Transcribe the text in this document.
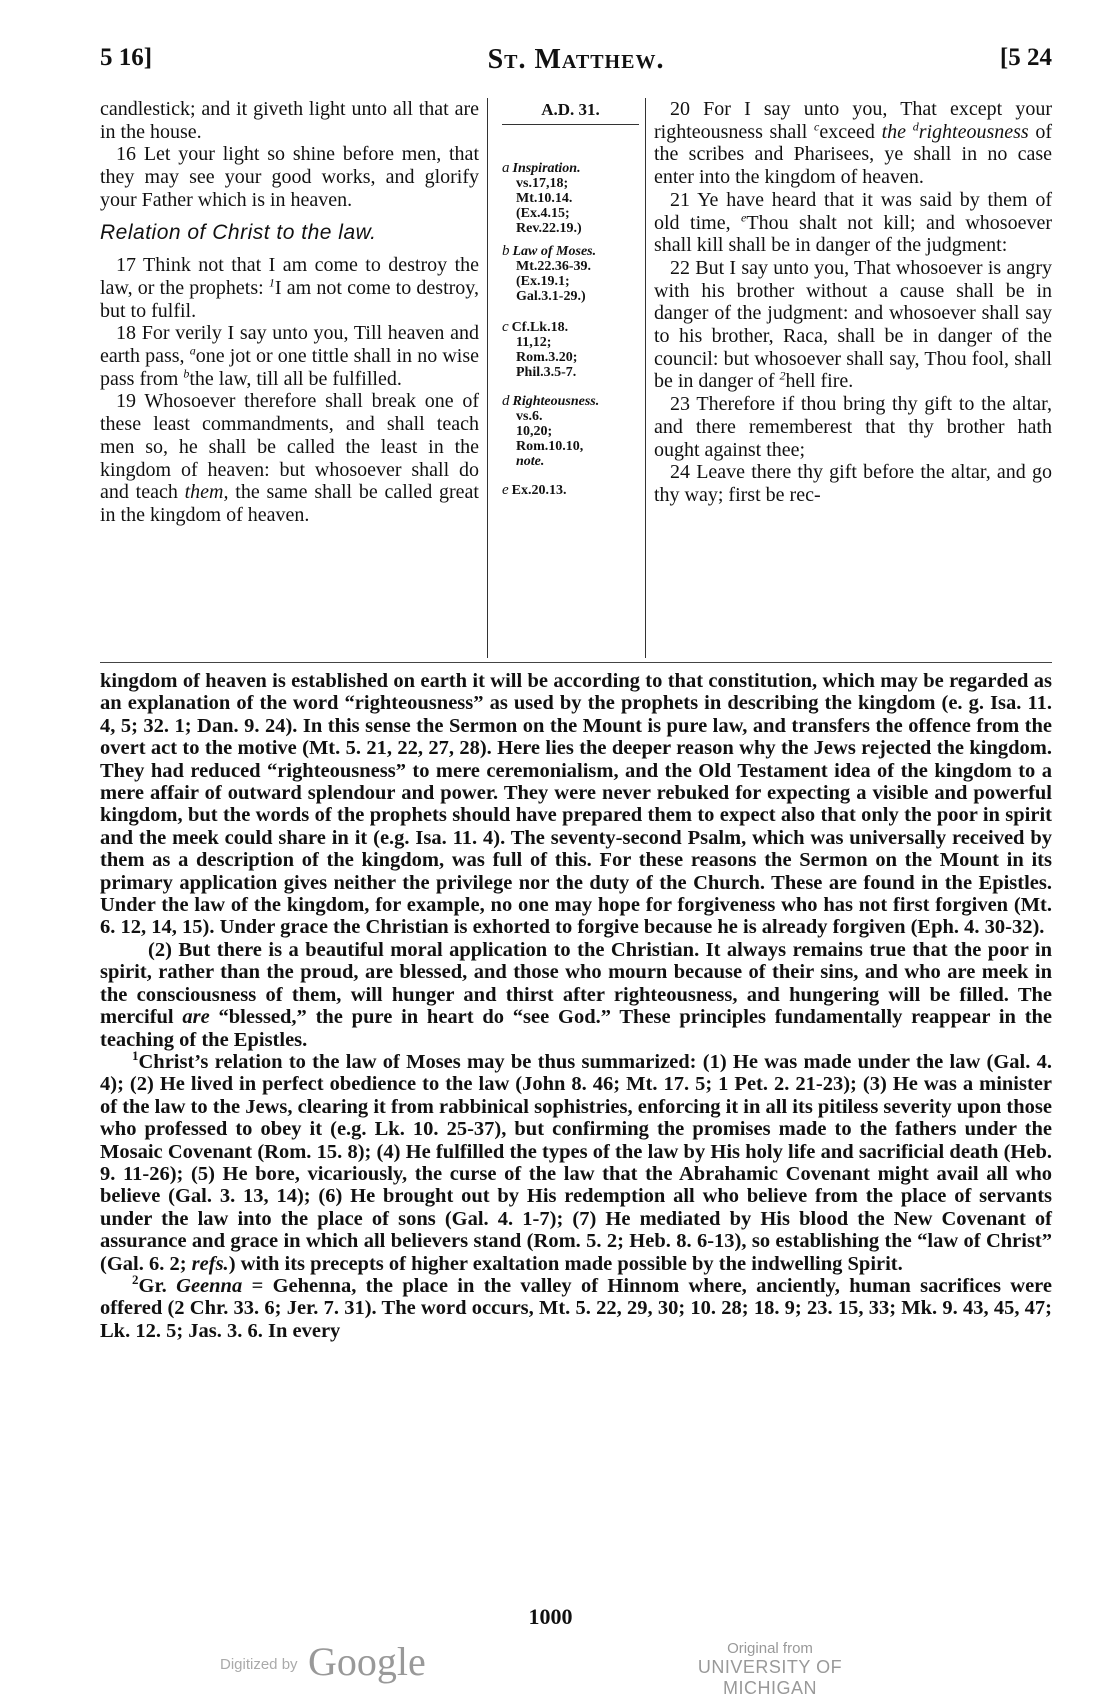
5 16]	St. Matthew.	[5 24

candlestick; and it giveth light unto all that are in the house.

16 Let your light so shine before men, that they may see your good works, and glorify your Father which is in heaven.

Relation of Christ to the law.

17 Think not that I am come to destroy the law, or the prophets: $^1$I am not come to destroy, but to fulfil.

18 For verily I say unto you, Till heaven and earth pass, $^a$one jot or one tittle shall in no wise pass from $^b$the law, till all be fulfilled.

19 Whosoever therefore shall break one of these least commandments, and shall teach men so, he shall be called the least in the kingdom of heaven: but whosoever shall do and teach them, the same shall be called great in the kingdom of heaven.

A.D. 31.
a Inspiration.
vs.17,18;
Mt.10.14.
(Ex.4.15;
Rev.22.19.)
b Law of Moses.
Mt.22.36-39.
(Ex.19.1;
Gal.3.1-29.)
c Cf.Lk.18.
11,12;
Rom.3.20;
Phil.3.5-7.
d Righteousness.
vs.6.
10,20;
Rom.10.10,
note.
e Ex.20.13.

20 For I say unto you, That except your righteousness shall $^c$exceed the $^d$righteousness of the scribes and Pharisees, ye shall in no case enter into the kingdom of heaven.

21 Ye have heard that it was said by them of old time, $^e$Thou shalt not kill; and whosoever shall kill shall be in danger of the judgment:

22 But I say unto you, That whosoever is angry with his brother without a cause shall be in danger of the judgment: and whosoever shall say to his brother, Raca, shall be in danger of the council: but whosoever shall say, Thou fool, shall be in danger of $^2$hell fire.

23 Therefore if thou bring thy gift to the altar, and there rememberest that thy brother hath ought against thee;

24 Leave there thy gift before the altar, and go thy way; first be rec-

kingdom of heaven is established on earth it will be according to that constitution, which may be regarded as an explanation of the word “righteousness” as used by the prophets in describing the kingdom (e. g. Isa. 11. 4, 5; 32. 1; Dan. 9. 24). In this sense the Sermon on the Mount is pure law, and transfers the offence from the overt act to the motive (Mt. 5. 21, 22, 27, 28). Here lies the deeper reason why the Jews rejected the kingdom. They had reduced “righteousness” to mere ceremonialism, and the Old Testament idea of the kingdom to a mere affair of outward splendour and power. They were never rebuked for expecting a visible and powerful kingdom, but the words of the prophets should have prepared them to expect also that only the poor in spirit and the meek could share in it (e.g. Isa. 11. 4). The seventy-second Psalm, which was universally received by them as a description of the kingdom, was full of this. For these reasons the Sermon on the Mount in its primary application gives neither the privilege nor the duty of the Church. These are found in the Epistles. Under the law of the kingdom, for example, no one may hope for forgiveness who has not first forgiven (Mt. 6. 12, 14, 15). Under grace the Christian is exhorted to forgive because he is already forgiven (Eph. 4. 30-32).

(2) But there is a beautiful moral application to the Christian. It always remains true that the poor in spirit, rather than the proud, are blessed, and those who mourn because of their sins, and who are meek in the consciousness of them, will hunger and thirst after righteousness, and hungering will be filled. The merciful are “blessed,” the pure in heart do “see God.” These principles fundamentally reappear in the teaching of the Epistles.

$^1$Christ’s relation to the law of Moses may be thus summarized: (1) He was made under the law (Gal. 4. 4); (2) He lived in perfect obedience to the law (John 8. 46; Mt. 17. 5; 1 Pet. 2. 21-23); (3) He was a minister of the law to the Jews, clearing it from rabbinical sophistries, enforcing it in all its pitiless severity upon those who professed to obey it (e.g. Lk. 10. 25-37), but confirming the promises made to the fathers under the Mosaic Covenant (Rom. 15. 8); (4) He fulfilled the types of the law by His holy life and sacrificial death (Heb. 9. 11-26); (5) He bore, vicariously, the curse of the law that the Abrahamic Covenant might avail all who believe (Gal. 3. 13, 14); (6) He brought out by His redemption all who believe from the place of servants under the law into the place of sons (Gal. 4. 1-7); (7) He mediated by His blood the New Covenant of assurance and grace in which all believers stand (Rom. 5. 2; Heb. 8. 6-13), so establishing the “law of Christ” (Gal. 6. 2; refs.) with its precepts of higher exaltation made possible by the indwelling Spirit.

$^2$Gr. Geenna = Gehenna, the place in the valley of Hinnom where, anciently, human sacrifices were offered (2 Chr. 33. 6; Jer. 7. 31). The word occurs, Mt. 5. 22, 29, 30; 10. 28; 18. 9; 23. 15, 33; Mk. 9. 43, 45, 47; Lk. 12. 5; Jas. 3. 6. In every

1000
Digitized by Google	Original from
UNIVERSITY OF MICHIGAN
